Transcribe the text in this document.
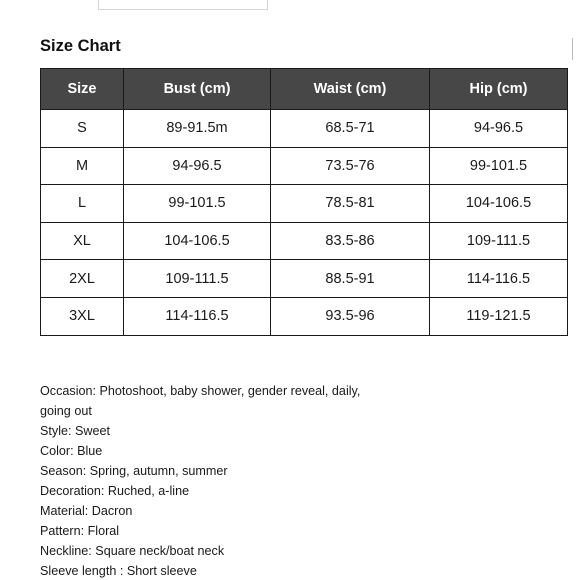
Size Chart
Size	Bust (cm)	Waist (cm)	Hip (cm)
S	89-91.5m	68.5-71	94-96.5
M	94-96.5	73.5-76	99-101.5
L	99-101.5	78.5-81	104-106.5
XL	104-106.5	83.5-86	109-111.5
2XL	109-111.5	88.5-91	114-116.5
3XL	114-116.5	93.5-96	119-121.5
Occasion: Photoshoot, baby shower, gender reveal, daily,
going out
Style: Sweet
Color: Blue
Season: Spring, autumn, summer
Decoration: Ruched, a-line
Material: Dacron
Pattern: Floral
Neckline: Square neck/boat neck
Sleeve length : Short sleeve
